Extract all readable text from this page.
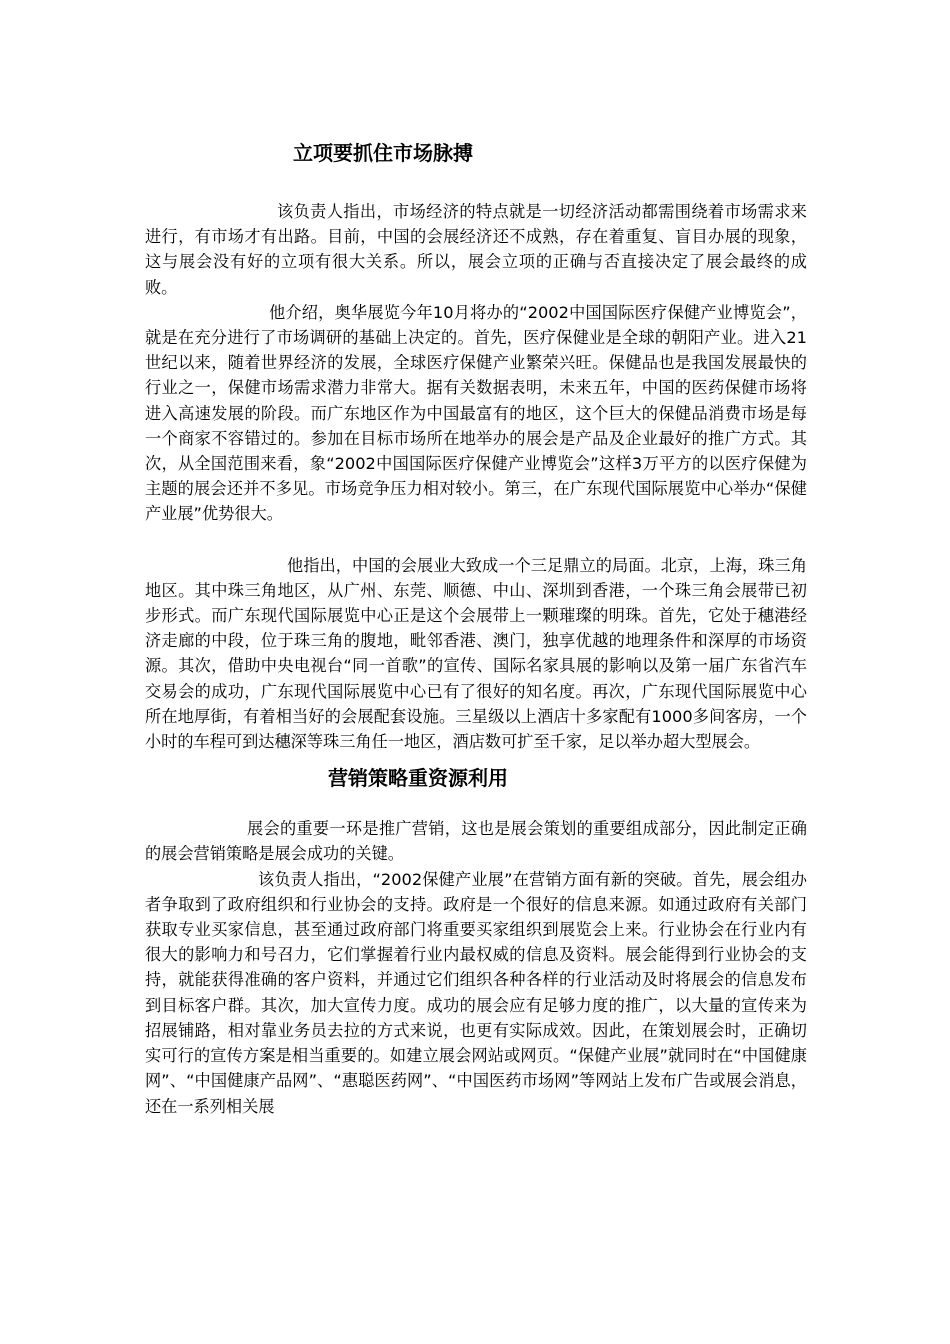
立项要抓住市场脉搏

该负责人指出，市场经济的特点就是一切经济活动都需围绕着市场需求来进行，有市场才有出路。目前，中国的会展经济还不成熟，存在着重复、盲目办展的现象，这与展会没有好的立项有很大关系。所以，展会立项的正确与否直接决定了展会最终的成败。

他介绍，奥华展览今年10月将办的“2002中国国际医疗保健产业博览会”，就是在充分进行了市场调研的基础上决定的。首先，医疗保健业是全球的朝阳产业。进入21世纪以来，随着世界经济的发展，全球医疗保健产业繁荣兴旺。保健品也是我国发展最快的行业之一，保健市场需求潜力非常大。据有关数据表明，未来五年，中国的医药保健市场将进入高速发展的阶段。而广东地区作为中国最富有的地区，这个巨大的保健品消费市场是每一个商家不容错过的。参加在目标市场所在地举办的展会是产品及企业最好的推广方式。其次，从全国范围来看，象“2002中国国际医疗保健产业博览会”这样3万平方的以医疗保健为主题的展会还并不多见。市场竞争压力相对较小。第三，在广东现代国际展览中心举办“保健产业展”优势很大。

他指出，中国的会展业大致成一个三足鼎立的局面。北京，上海，珠三角地区。其中珠三角地区，从广州、东莞、顺德、中山、深圳到香港，一个珠三角会展带已初步形式。而广东现代国际展览中心正是这个会展带上一颗璀璨的明珠。首先，它处于穗港经济走廊的中段，位于珠三角的腹地，毗邻香港、澳门，独享优越的地理条件和深厚的市场资源。其次，借助中央电视台“同一首歌”的宣传、国际名家具展的影响以及第一届广东省汽车交易会的成功，广东现代国际展览中心已有了很好的知名度。再次，广东现代国际展览中心所在地厚街，有着相当好的会展配套设施。三星级以上酒店十多家配有1000多间客房，一个小时的车程可到达穗深等珠三角任一地区，酒店数可扩至千家，足以举办超大型展会。

营销策略重资源利用

展会的重要一环是推广营销，这也是展会策划的重要组成部分，因此制定正确的展会营销策略是展会成功的关键。

该负责人指出，“2002保健产业展”在营销方面有新的突破。首先，展会组办者争取到了政府组织和行业协会的支持。政府是一个很好的信息来源。如通过政府有关部门获取专业买家信息，甚至通过政府部门将重要买家组织到展览会上来。行业协会在行业内有很大的影响力和号召力，它们掌握着行业内最权威的信息及资料。展会能得到行业协会的支持，就能获得准确的客户资料，并通过它们组织各种各样的行业活动及时将展会的信息发布到目标客户群。其次，加大宣传力度。成功的展会应有足够力度的推广，以大量的宣传来为招展铺路，相对靠业务员去拉的方式来说，也更有实际成效。因此，在策划展会时，正确切实可行的宣传方案是相当重要的。如建立展会网站或网页。“保健产业展”就同时在“中国健康网”、“中国健康产品网”、“惠聪医药网”、“中国医药市场网”等网站上发布广告或展会消息，还在一系列相关展
